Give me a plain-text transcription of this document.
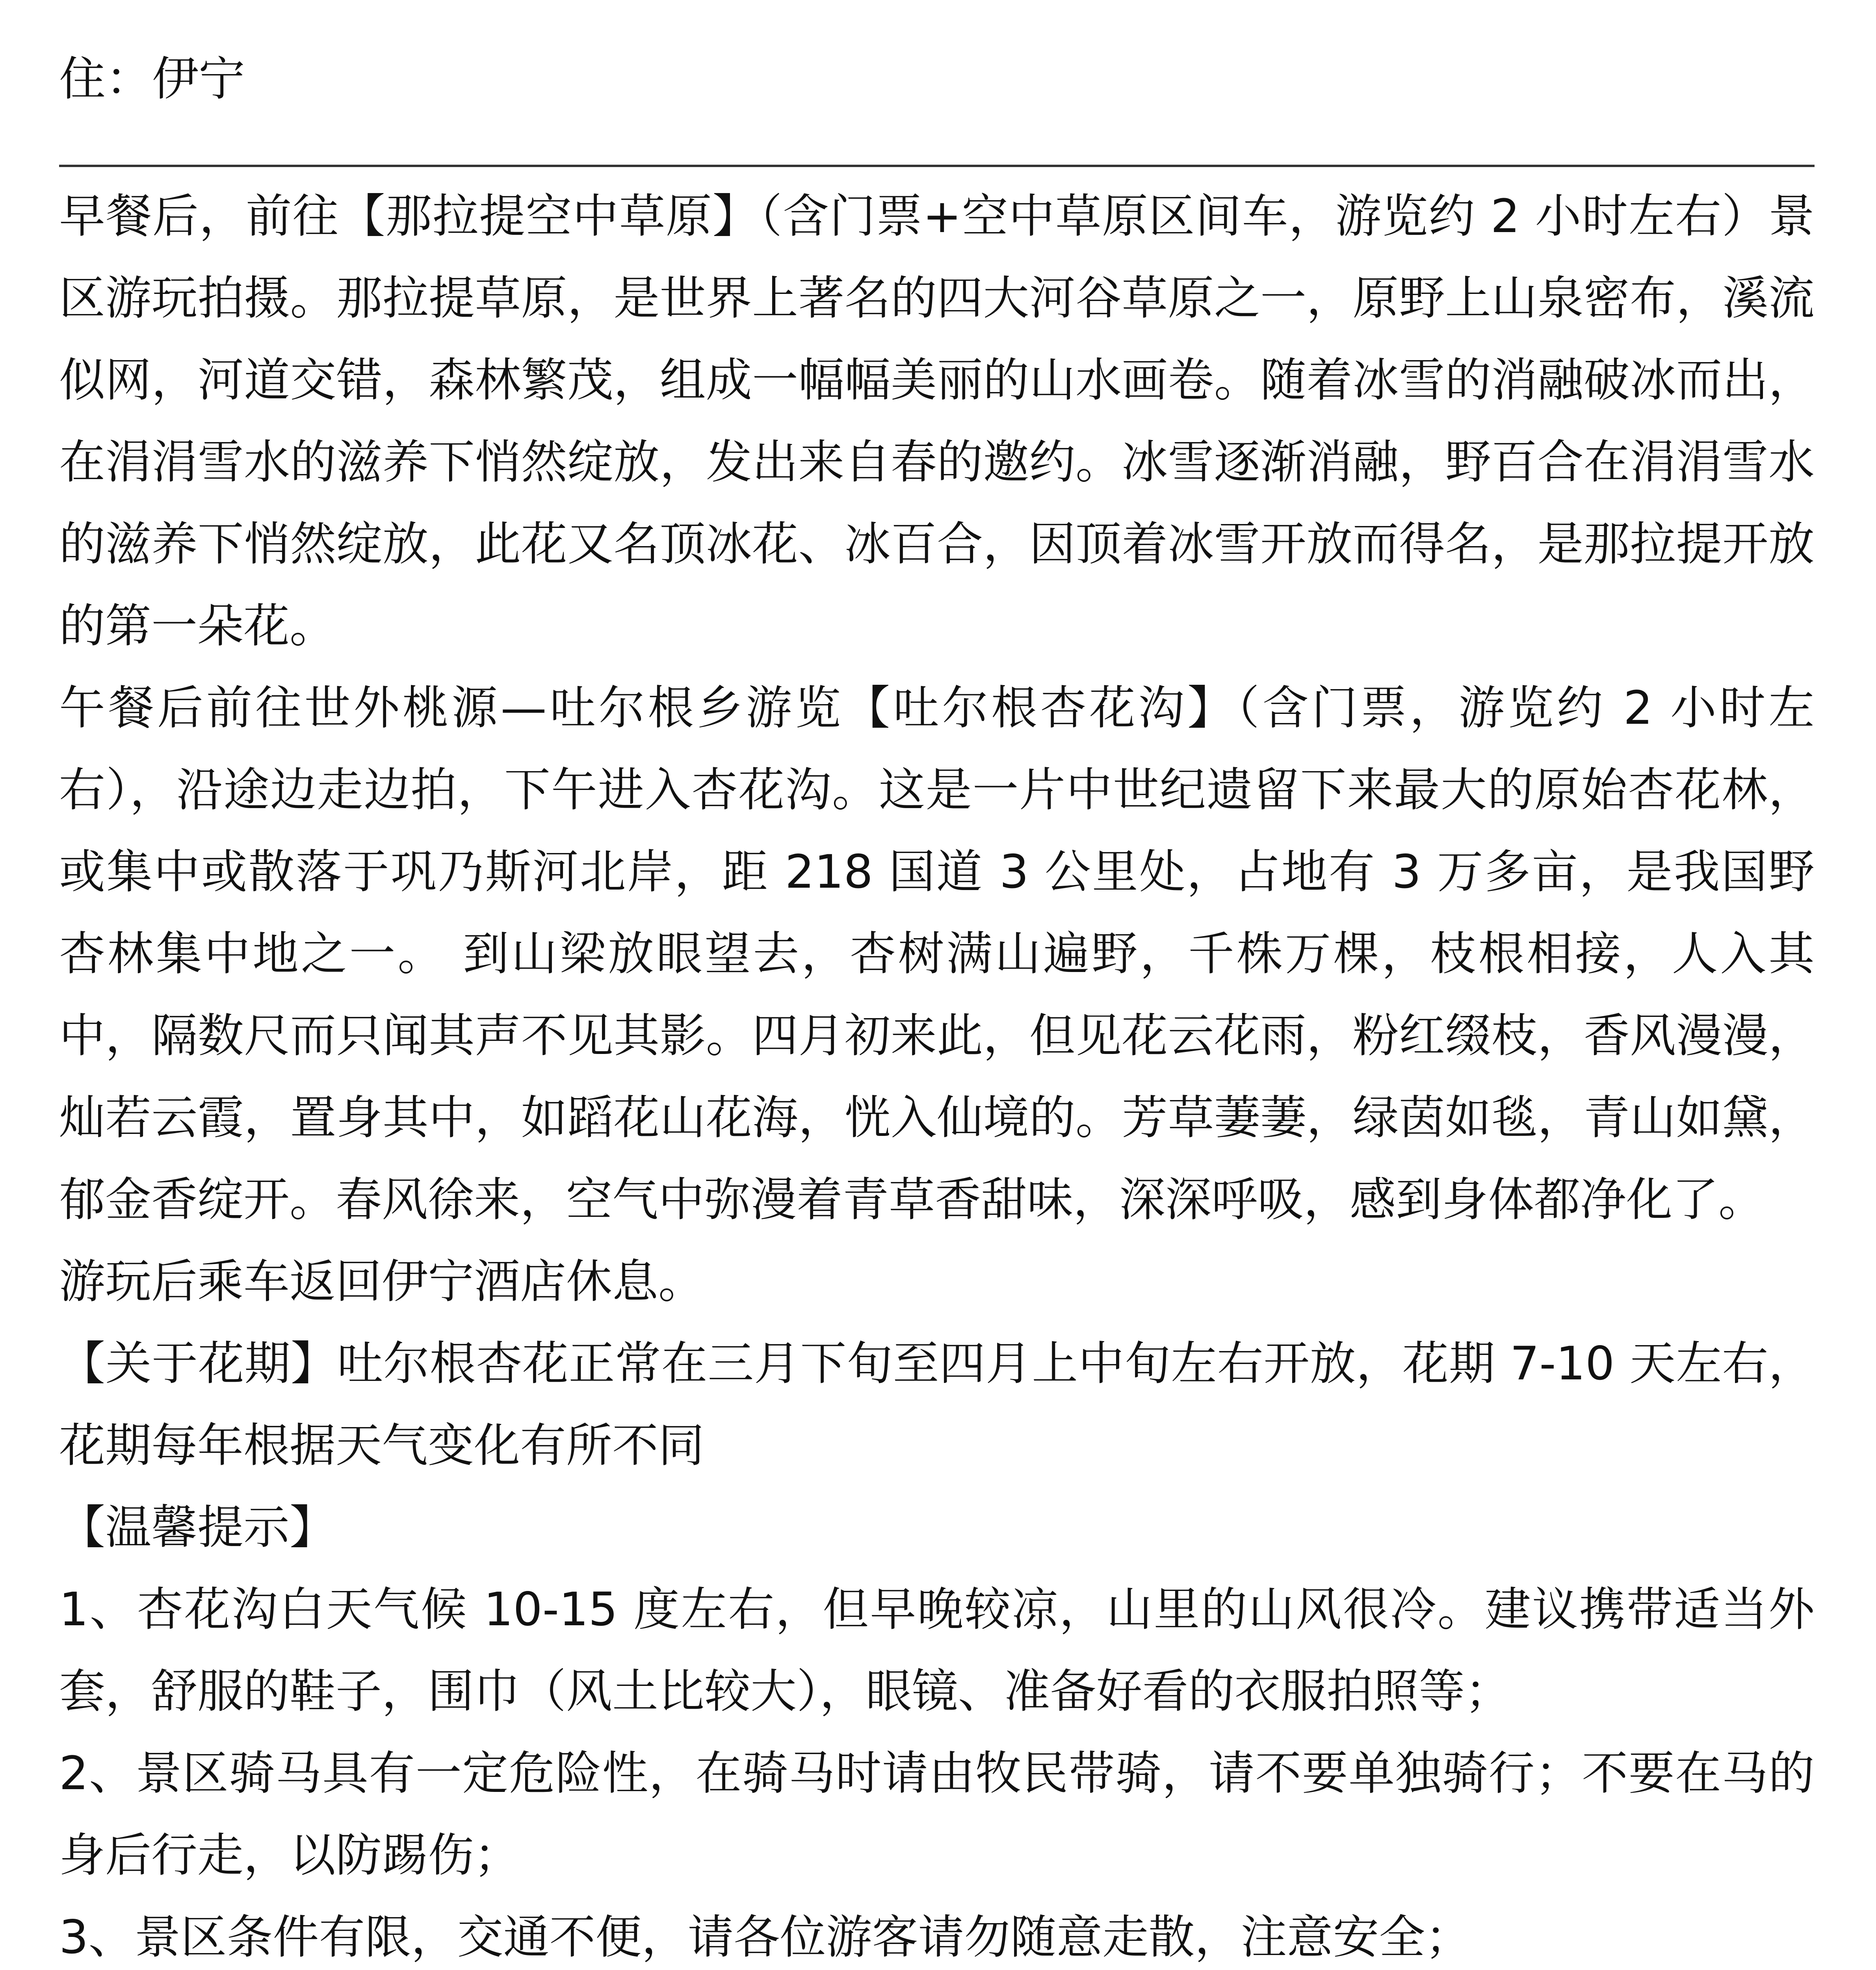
住：伊宁

早餐后，前往【那拉提空中草原】（含门票+空中草原区间车，游览约 2 小时左右）景区游玩拍摄。那拉提草原，是世界上著名的四大河谷草原之一，原野上山泉密布，溪流似网，河道交错，森林繁茂，组成一幅幅美丽的山水画卷。随着冰雪的消融破冰而出，在涓涓雪水的滋养下悄然绽放，发出来自春的邀约。冰雪逐渐消融，野百合在涓涓雪水的滋养下悄然绽放，此花又名顶冰花、冰百合，因顶着冰雪开放而得名，是那拉提开放的第一朵花。

午餐后前往世外桃源—吐尔根乡游览【吐尔根杏花沟】（含门票，游览约 2 小时左右），沿途边走边拍，下午进入杏花沟。这是一片中世纪遗留下来最大的原始杏花林，或集中或散落于巩乃斯河北岸，距 218 国道 3 公里处，占地有 3 万多亩，是我国野杏林集中地之一。 到山梁放眼望去，杏树满山遍野，千株万棵，枝根相接，人入其中，隔数尺而只闻其声不见其影。四月初来此，但见花云花雨，粉红缀枝，香风漫漫，灿若云霞，置身其中，如蹈花山花海，恍入仙境的。芳草萋萋，绿茵如毯，青山如黛，郁金香绽开。春风徐来，空气中弥漫着青草香甜味，深深呼吸，感到身体都净化了。

游玩后乘车返回伊宁酒店休息。

【关于花期】吐尔根杏花正常在三月下旬至四月上中旬左右开放，花期 7-10 天左右，花期每年根据天气变化有所不同

【温馨提示】

1、杏花沟白天气候 10-15 度左右，但早晚较凉，山里的山风很冷。建议携带适当外套，舒服的鞋子，围巾（风土比较大），眼镜、准备好看的衣服拍照等；

2、景区骑马具有一定危险性，在骑马时请由牧民带骑，请不要单独骑行；不要在马的身后行走，以防踢伤；

3、景区条件有限，交通不便，请各位游客请勿随意走散，注意安全；
